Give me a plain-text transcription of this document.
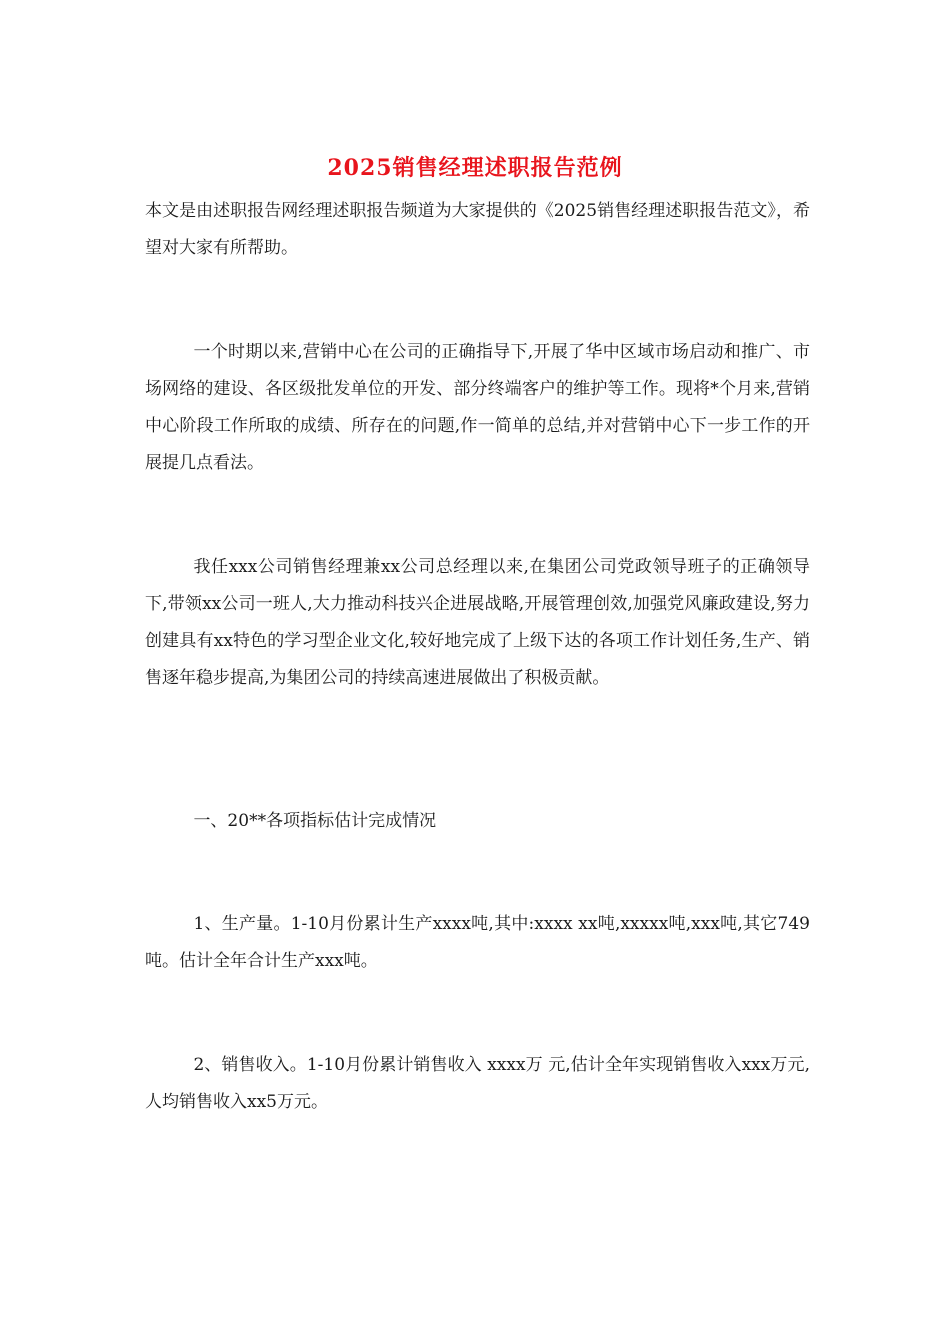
2025销售经理述职报告范例

本文是由述职报告网经理述职报告频道为大家提供的《2025销售经理述职报告范文》，希望对大家有所帮助。

一个时期以来,营销中心在公司的正确指导下,开展了华中区域市场启动和推广、市场网络的建设、各区级批发单位的开发、部分终端客户的维护等工作。现将*个月来,营销中心阶段工作所取的成绩、所存在的问题,作一简单的总结,并对营销中心下一步工作的开展提几点看法。

我任xxx公司销售经理兼xx公司总经理以来,在集团公司党政领导班子的正确领导下,带领xx公司一班人,大力推动科技兴企进展战略,开展管理创效,加强党风廉政建设,努力创建具有xx特色的学习型企业文化,较好地完成了上级下达的各项工作计划任务,生产、销售逐年稳步提高,为集团公司的持续高速进展做出了积极贡献。

一、20**各项指标估计完成情况

1、生产量。1-10月份累计生产xxxx吨,其中:xxxx xx吨,xxxxx吨,xxx吨,其它749吨。估计全年合计生产xxx吨。

2、销售收入。1-10月份累计销售收入 xxxx万 元,估计全年实现销售收入xxx万元,人均销售收入xx5万元。
